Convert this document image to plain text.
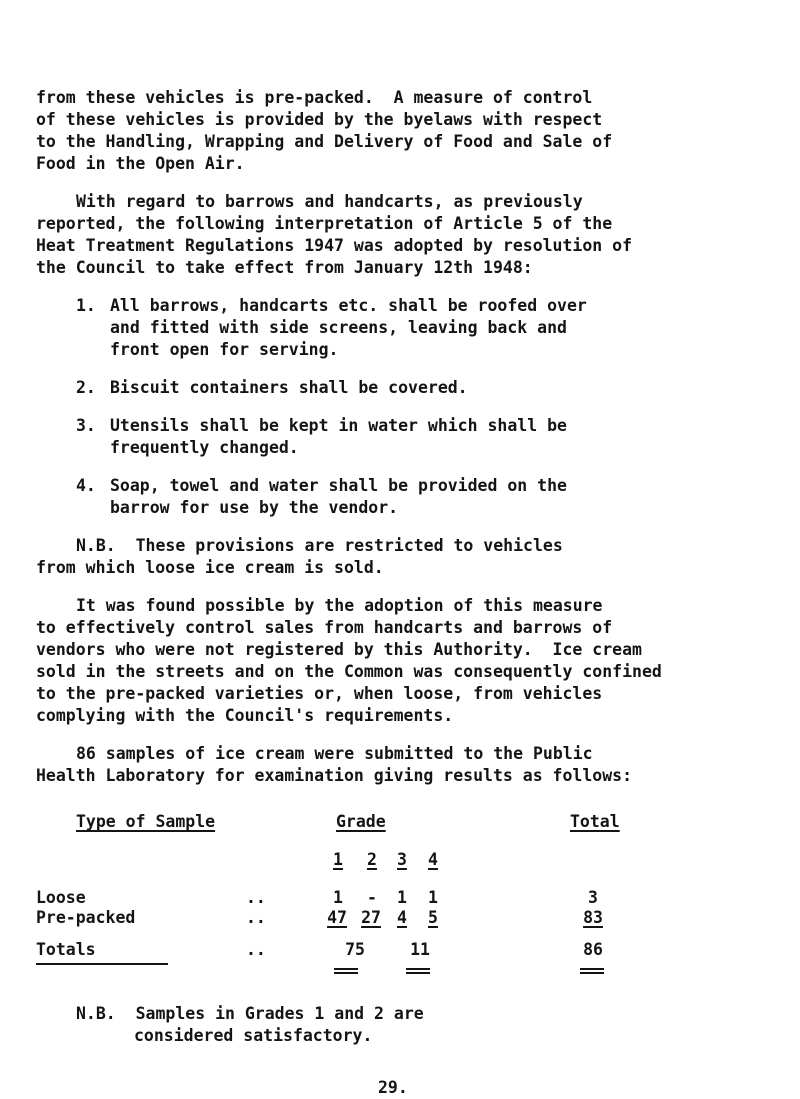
from these vehicles is pre-packed.  A measure of control
of these vehicles is provided by the byelaws with respect
to the Handling, Wrapping and Delivery of Food and Sale of
Food in the Open Air.
With regard to barrows and handcarts, as previously
reported, the following interpretation of Article 5 of the
Heat Treatment Regulations 1947 was adopted by resolution of
the Council to take effect from January 12th 1948:
1. All barrows, handcarts etc. shall be roofed over
and fitted with side screens, leaving back and
front open for serving.
2. Biscuit containers shall be covered.
3. Utensils shall be kept in water which shall be
frequently changed.
4. Soap, towel and water shall be provided on the
barrow for use by the vendor.
N.B.  These provisions are restricted to vehicles
from which loose ice cream is sold.
It was found possible by the adoption of this measure
to effectively control sales from handcarts and barrows of
vendors who were not registered by this Authority.  Ice cream
sold in the streets and on the Common was consequently confined
to the pre-packed varieties or, when loose, from vehicles
complying with the Council's requirements.
86 samples of ice cream were submitted to the Public
Health Laboratory for examination giving results as follows:
Type of Sample	Grade	Total
1 2 3 4
Loose	..	1	-	1	1	3
Pre-packed	..	47 27 4	5	83
Totals	..	75	11	86
N.B.  Samples in Grades 1 and 2 are
considered satisfactory.
29.
